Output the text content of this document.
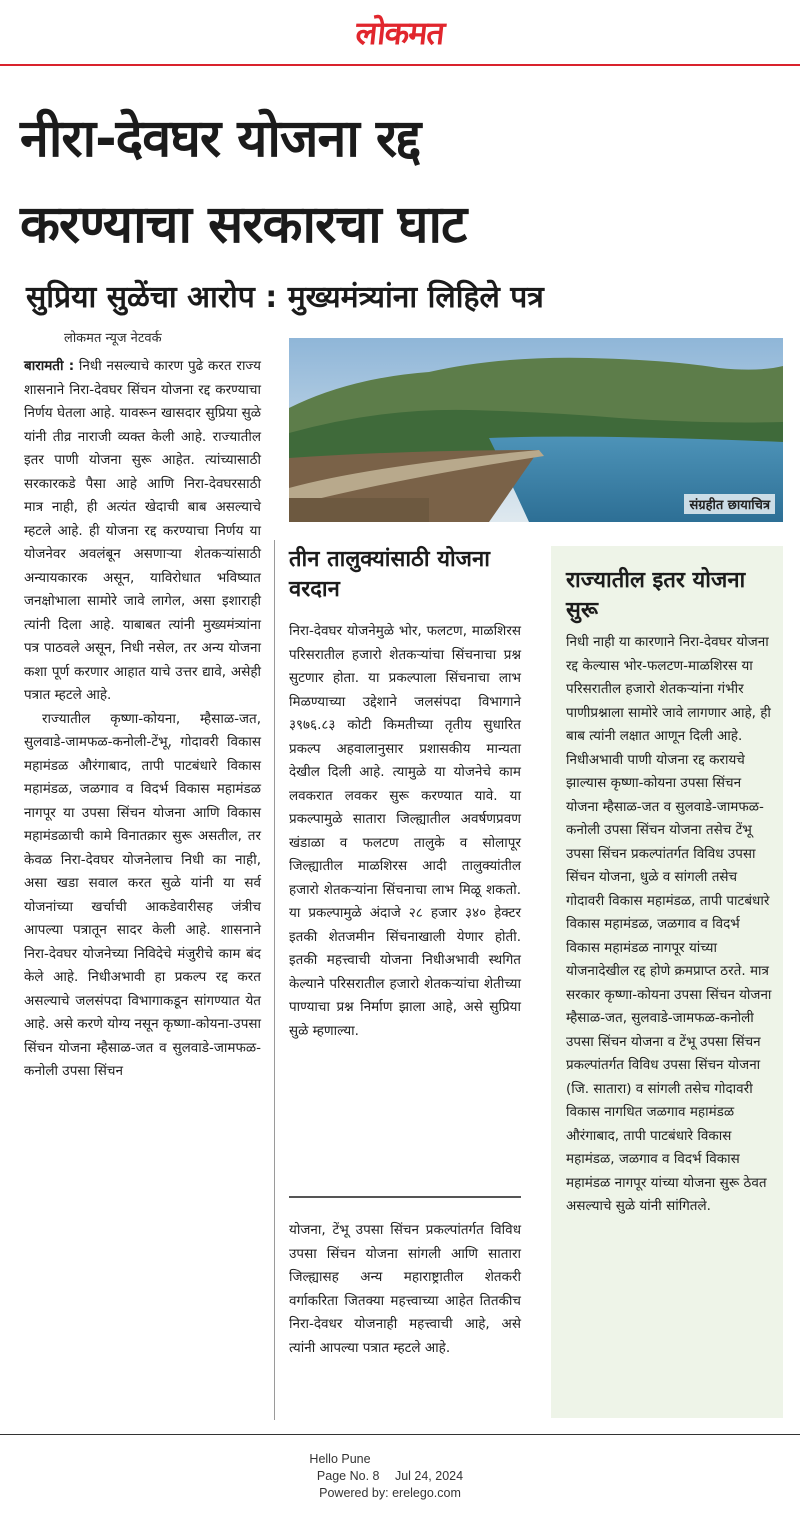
लोकमत
नीरा-देवघर योजना रद्द
करण्याचा सरकारचा घाट
सुप्रिया सुळेंचा आरोप : मुख्यमंत्र्यांना लिहिले पत्र
लोकमत न्यूज नेटवर्क

बारामती : निधी नसल्याचे कारण पुढे करत राज्य शासनाने निरा-देवघर सिंचन योजना रद्द करण्याचा निर्णय घेतला आहे. यावरून खासदार सुप्रिया सुळे यांनी तीव्र नाराजी व्यक्त केली आहे. राज्यातील इतर पाणी योजना सुरू आहेत. त्यांच्यासाठी सरकारकडे पैसा आहे आणि निरा-देवघरसाठी मात्र नाही, ही अत्यंत खेदाची बाब असल्याचे म्हटले आहे. ही योजना रद्द करण्याचा निर्णय या योजनेवर अवलंबून असणाऱ्या शेतकऱ्यांसाठी अन्यायकारक असून, याविरोधात भविष्यात जनक्षोभाला सामोरे जावे लागेल, असा इशाराही त्यांनी दिला आहे. याबाबत त्यांनी मुख्यमंत्र्यांना पत्र पाठवले असून, निधी नसेल, तर अन्य योजना कशा पूर्ण करणार आहात याचे उत्तर द्यावे, असेही पत्रात म्हटले आहे.

राज्यातील कृष्णा-कोयना, म्हैसाळ-जत, सुलवाडे-जामफळ-कनोली-टेंभू, गोदावरी विकास महामंडळ औरंगाबाद, तापी पाटबंधारे विकास महामंडळ, जळगाव व विदर्भ विकास महामंडळ नागपूर या उपसा सिंचन योजना आणि विकास महामंडळाची कामे विनातक्रार सुरू असतील, तर केवळ निरा-देवघर योजनेलाच निधी का नाही, असा खडा सवाल करत सुळे यांनी या सर्व योजनांच्या खर्चाची आकडेवारीसह जंत्रीच आपल्या पत्रातून सादर केली आहे. शासनाने निरा-देवघर योजनेच्या निविदेचे मंजुरीचे काम बंद केले आहे. निधीअभावी हा प्रकल्प रद्द करत असल्याचे जलसंपदा विभागाकडून सांगण्यात येत आहे. असे करणे योग्य नसून कृष्णा-कोयना-उपसा सिंचन योजना म्हैसाळ-जत व सुलवाडे-जामफळ-कनोली उपसा सिंचन

संग्रहीत छायाचित्र
तीन तालुक्यांसाठी योजना वरदान

निरा-देवघर योजनेमुळे भोर, फलटण, माळशिरस परिसरातील हजारो शेतकऱ्यांचा सिंचनाचा प्रश्न सुटणार होता. या प्रकल्पाला सिंचनाचा लाभ मिळण्याच्या उद्देशाने जलसंपदा विभागाने ३९७६.८३ कोटी किमतीच्या तृतीय सुधारित प्रकल्प अहवालानुसार प्रशासकीय मान्यता देखील दिली आहे. त्यामुळे या योजनेचे काम लवकरात लवकर सुरू करण्यात यावे. या प्रकल्पामुळे सातारा जिल्ह्यातील अवर्षणप्रवण खंडाळा व फलटण तालुके व सोलापूर जिल्ह्यातील माळशिरस आदी तालुक्यांतील हजारो शेतकऱ्यांना सिंचनाचा लाभ मिळू शकतो. या प्रकल्पामुळे अंदाजे २८ हजार ३४० हेक्टर इतकी शेतजमीन सिंचनाखाली येणार होती. इतकी महत्त्वाची योजना निधीअभावी स्थगित केल्याने परिसरातील हजारो शेतकऱ्यांचा शेतीच्या पाण्याचा प्रश्न निर्माण झाला आहे, असे सुप्रिया सुळे म्हणाल्या.

योजना, टेंभू उपसा सिंचन प्रकल्पांतर्गत विविध उपसा सिंचन योजना सांगली आणि सातारा जिल्ह्यासह अन्य महाराष्ट्रातील शेतकरी वर्गाकरिता जितक्या महत्त्वाच्या आहेत तितकीच निरा-देवधर योजनाही महत्त्वाची आहे, असे त्यांनी आपल्या पत्रात म्हटले आहे.

राज्यातील इतर योजना सुरू

निधी नाही या कारणाने निरा-देवघर योजना रद्द केल्यास भोर-फलटण-माळशिरस या परिसरातील हजारो शेतकऱ्यांना गंभीर पाणीप्रश्नाला सामोरे जावे लागणार आहे, ही बाब त्यांनी लक्षात आणून दिली आहे. निधीअभावी पाणी योजना रद्द करायचे झाल्यास कृष्णा-कोयना उपसा सिंचन योजना म्हैसाळ-जत व सुलवाडे-जामफळ-कनोली उपसा सिंचन योजना तसेच टेंभू उपसा सिंचन प्रकल्पांतर्गत विविध उपसा सिंचन योजना, धुळे व सांगली तसेच गोदावरी विकास महामंडळ, तापी पाटबंधारे विकास महामंडळ, जळगाव व विदर्भ विकास महामंडळ नागपूर यांच्या योजनादेखील रद्द होणे क्रमप्राप्त ठरते. मात्र सरकार कृष्णा-कोयना उपसा सिंचन योजना म्हैसाळ-जत, सुलवाडे-जामफळ-कनोली उपसा सिंचन योजना व टेंभू उपसा सिंचन प्रकल्पांतर्गत विविध उपसा सिंचन योजना (जि. सातारा) व सांगली तसेच गोदावरी विकास नागधित जळगाव महामंडळ औरंगाबाद, तापी पाटबंधारे विकास महामंडळ, जळगाव व विदर्भ विकास महामंडळ नागपूर यांच्या योजना सुरू ठेवत असल्याचे सुळे यांनी सांगितले.

Hello Pune
Page No. 8 Jul 24, 2024
Powered by: erelego.com
